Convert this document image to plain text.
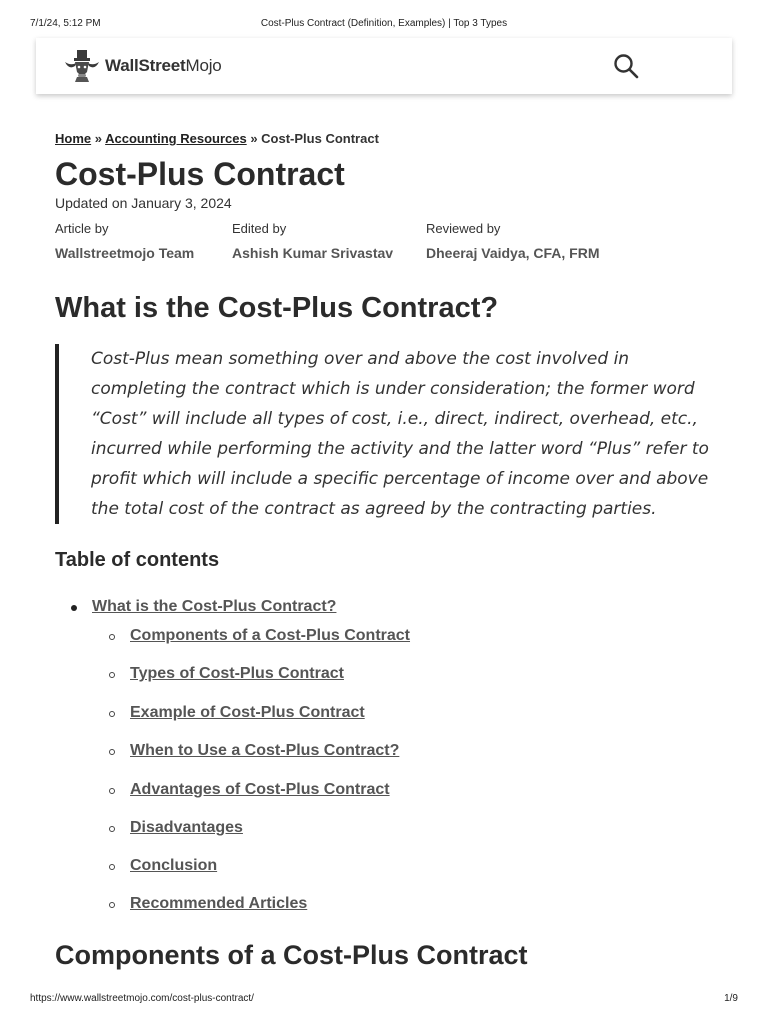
7/1/24, 5:12 PM	Cost-Plus Contract (Definition, Examples) | Top 3 Types
WallStreetMojo
Home » Accounting Resources » Cost-Plus Contract
Cost-Plus Contract
Updated on January 3, 2024
Article by
Wallstreetmojo Team
Edited by
Ashish Kumar Srivastav
Reviewed by
Dheeraj Vaidya, CFA, FRM
What is the Cost-Plus Contract?

Cost-Plus mean something over and above the cost involved in completing the contract which is under consideration; the former word “Cost” will include all types of cost, i.e., direct, indirect, overhead, etc., incurred while performing the activity and the latter word “Plus” refer to profit which will include a specific percentage of income over and above the total cost of the contract as agreed by the contracting parties.

Table of contents
What is the Cost-Plus Contract?
Components of a Cost-Plus Contract
Types of Cost-Plus Contract
Example of Cost-Plus Contract
When to Use a Cost-Plus Contract?
Advantages of Cost-Plus Contract
Disadvantages
Conclusion
Recommended Articles
Components of a Cost-Plus Contract
https://www.wallstreetmojo.com/cost-plus-contract/	1/9
